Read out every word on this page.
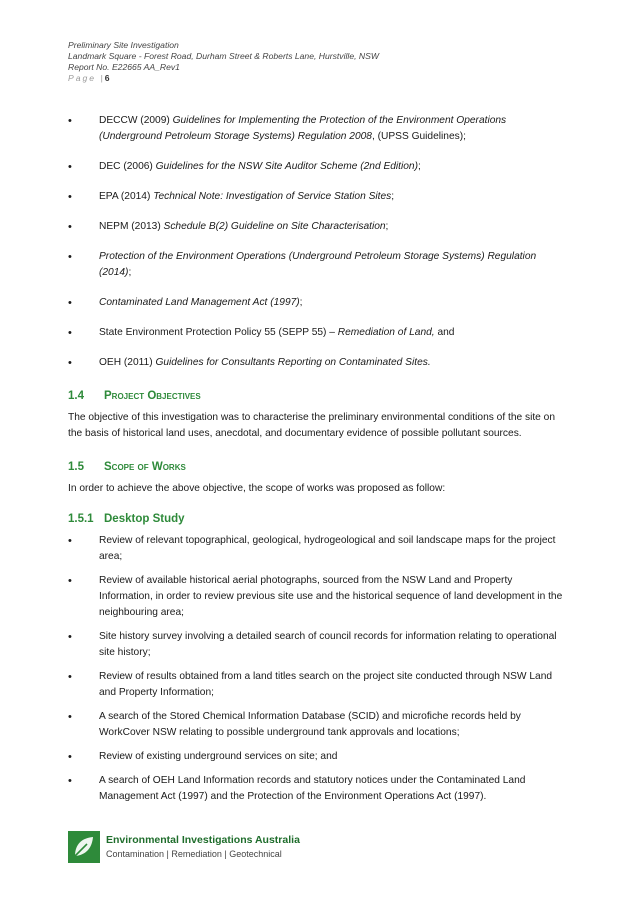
Preliminary Site Investigation
Landmark Square - Forest Road, Durham Street & Roberts Lane, Hurstville, NSW
Report No. E22665 AA_Rev1
Page |6
•	DECCW (2009) Guidelines for Implementing the Protection of the Environment Operations (Underground Petroleum Storage Systems) Regulation 2008, (UPSS Guidelines);
•	DEC (2006) Guidelines for the NSW Site Auditor Scheme (2nd Edition);
•	EPA (2014) Technical Note: Investigation of Service Station Sites;
•	NEPM (2013) Schedule B(2) Guideline on Site Characterisation;
•	Protection of the Environment Operations (Underground Petroleum Storage Systems) Regulation (2014);
•	Contaminated Land Management Act (1997);
•	State Environment Protection Policy 55 (SEPP 55) – Remediation of Land, and
•	OEH (2011) Guidelines for Consultants Reporting on Contaminated Sites.
1.4	Project Objectives

The objective of this investigation was to characterise the preliminary environmental conditions of the site on the basis of historical land uses, anecdotal, and documentary evidence of possible pollutant sources.

1.5	Scope of Works

In order to achieve the above objective, the scope of works was proposed as follow:

1.5.1 Desktop Study
•	Review of relevant topographical, geological, hydrogeological and soil landscape maps for the project area;
•	Review of available historical aerial photographs, sourced from the NSW Land and Property Information, in order to review previous site use and the historical sequence of land development in the neighbouring area;
•	Site history survey involving a detailed search of council records for information relating to operational site history;
•	Review of results obtained from a land titles search on the project site conducted through NSW Land and Property Information;
•	A search of the Stored Chemical Information Database (SCID) and microfiche records held by WorkCover NSW relating to possible underground tank approvals and locations;
•	Review of existing underground services on site; and
•	A search of OEH Land Information records and statutory notices under the Contaminated Land Management Act (1997) and the Protection of the Environment Operations Act (1997).
Environmental Investigations Australia
Contamination | Remediation | Geotechnical
